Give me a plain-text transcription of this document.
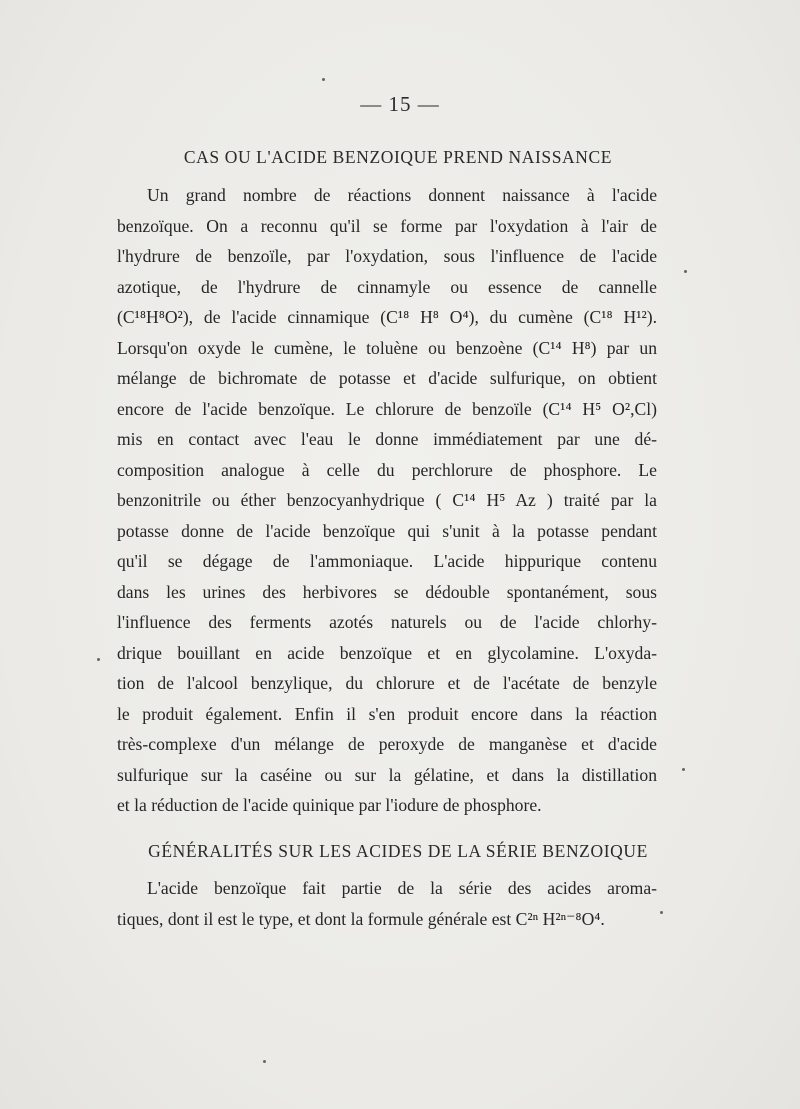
— 15 —
CAS OU L'ACIDE BENZOIQUE PREND NAISSANCE
Un grand nombre de réactions donnent naissance à l'acide
benzoïque. On a reconnu qu'il se forme par l'oxydation à l'air de
l'hydrure de benzoïle, par l'oxydation, sous l'influence de l'acide
azotique, de l'hydrure de cinnamyle ou essence de cannelle
(C¹⁸H⁸O²), de l'acide cinnamique (C¹⁸ H⁸ O⁴), du cumène (C¹⁸ H¹²).
Lorsqu'on oxyde le cumène, le toluène ou benzoène (C¹⁴ H⁸) par un
mélange de bichromate de potasse et d'acide sulfurique, on obtient
encore de l'acide benzoïque. Le chlorure de benzoïle (C¹⁴ H⁵ O²,Cl)
mis en contact avec l'eau le donne immédiatement par une dé-
composition analogue à celle du perchlorure de phosphore. Le
benzonitrile ou éther benzocyanhydrique ( C¹⁴ H⁵ Az ) traité par la
potasse donne de l'acide benzoïque qui s'unit à la potasse pendant
qu'il se dégage de l'ammoniaque. L'acide hippurique contenu
dans les urines des herbivores se dédouble spontanément, sous
l'influence des ferments azotés naturels ou de l'acide chlorhy-
drique bouillant en acide benzoïque et en glycolamine. L'oxyda-
tion de l'alcool benzylique, du chlorure et de l'acétate de benzyle
le produit également. Enfin il s'en produit encore dans la réaction
très-complexe d'un mélange de peroxyde de manganèse et d'acide
sulfurique sur la caséine ou sur la gélatine, et dans la distillation
et la réduction de l'acide quinique par l'iodure de phosphore.
GÉNÉRALITÉS SUR LES ACIDES DE LA SÉRIE BENZOIQUE
L'acide benzoïque fait partie de la série des acides aroma-
tiques, dont il est le type, et dont la formule générale est C²ⁿ H²ⁿ⁻⁸O⁴.
